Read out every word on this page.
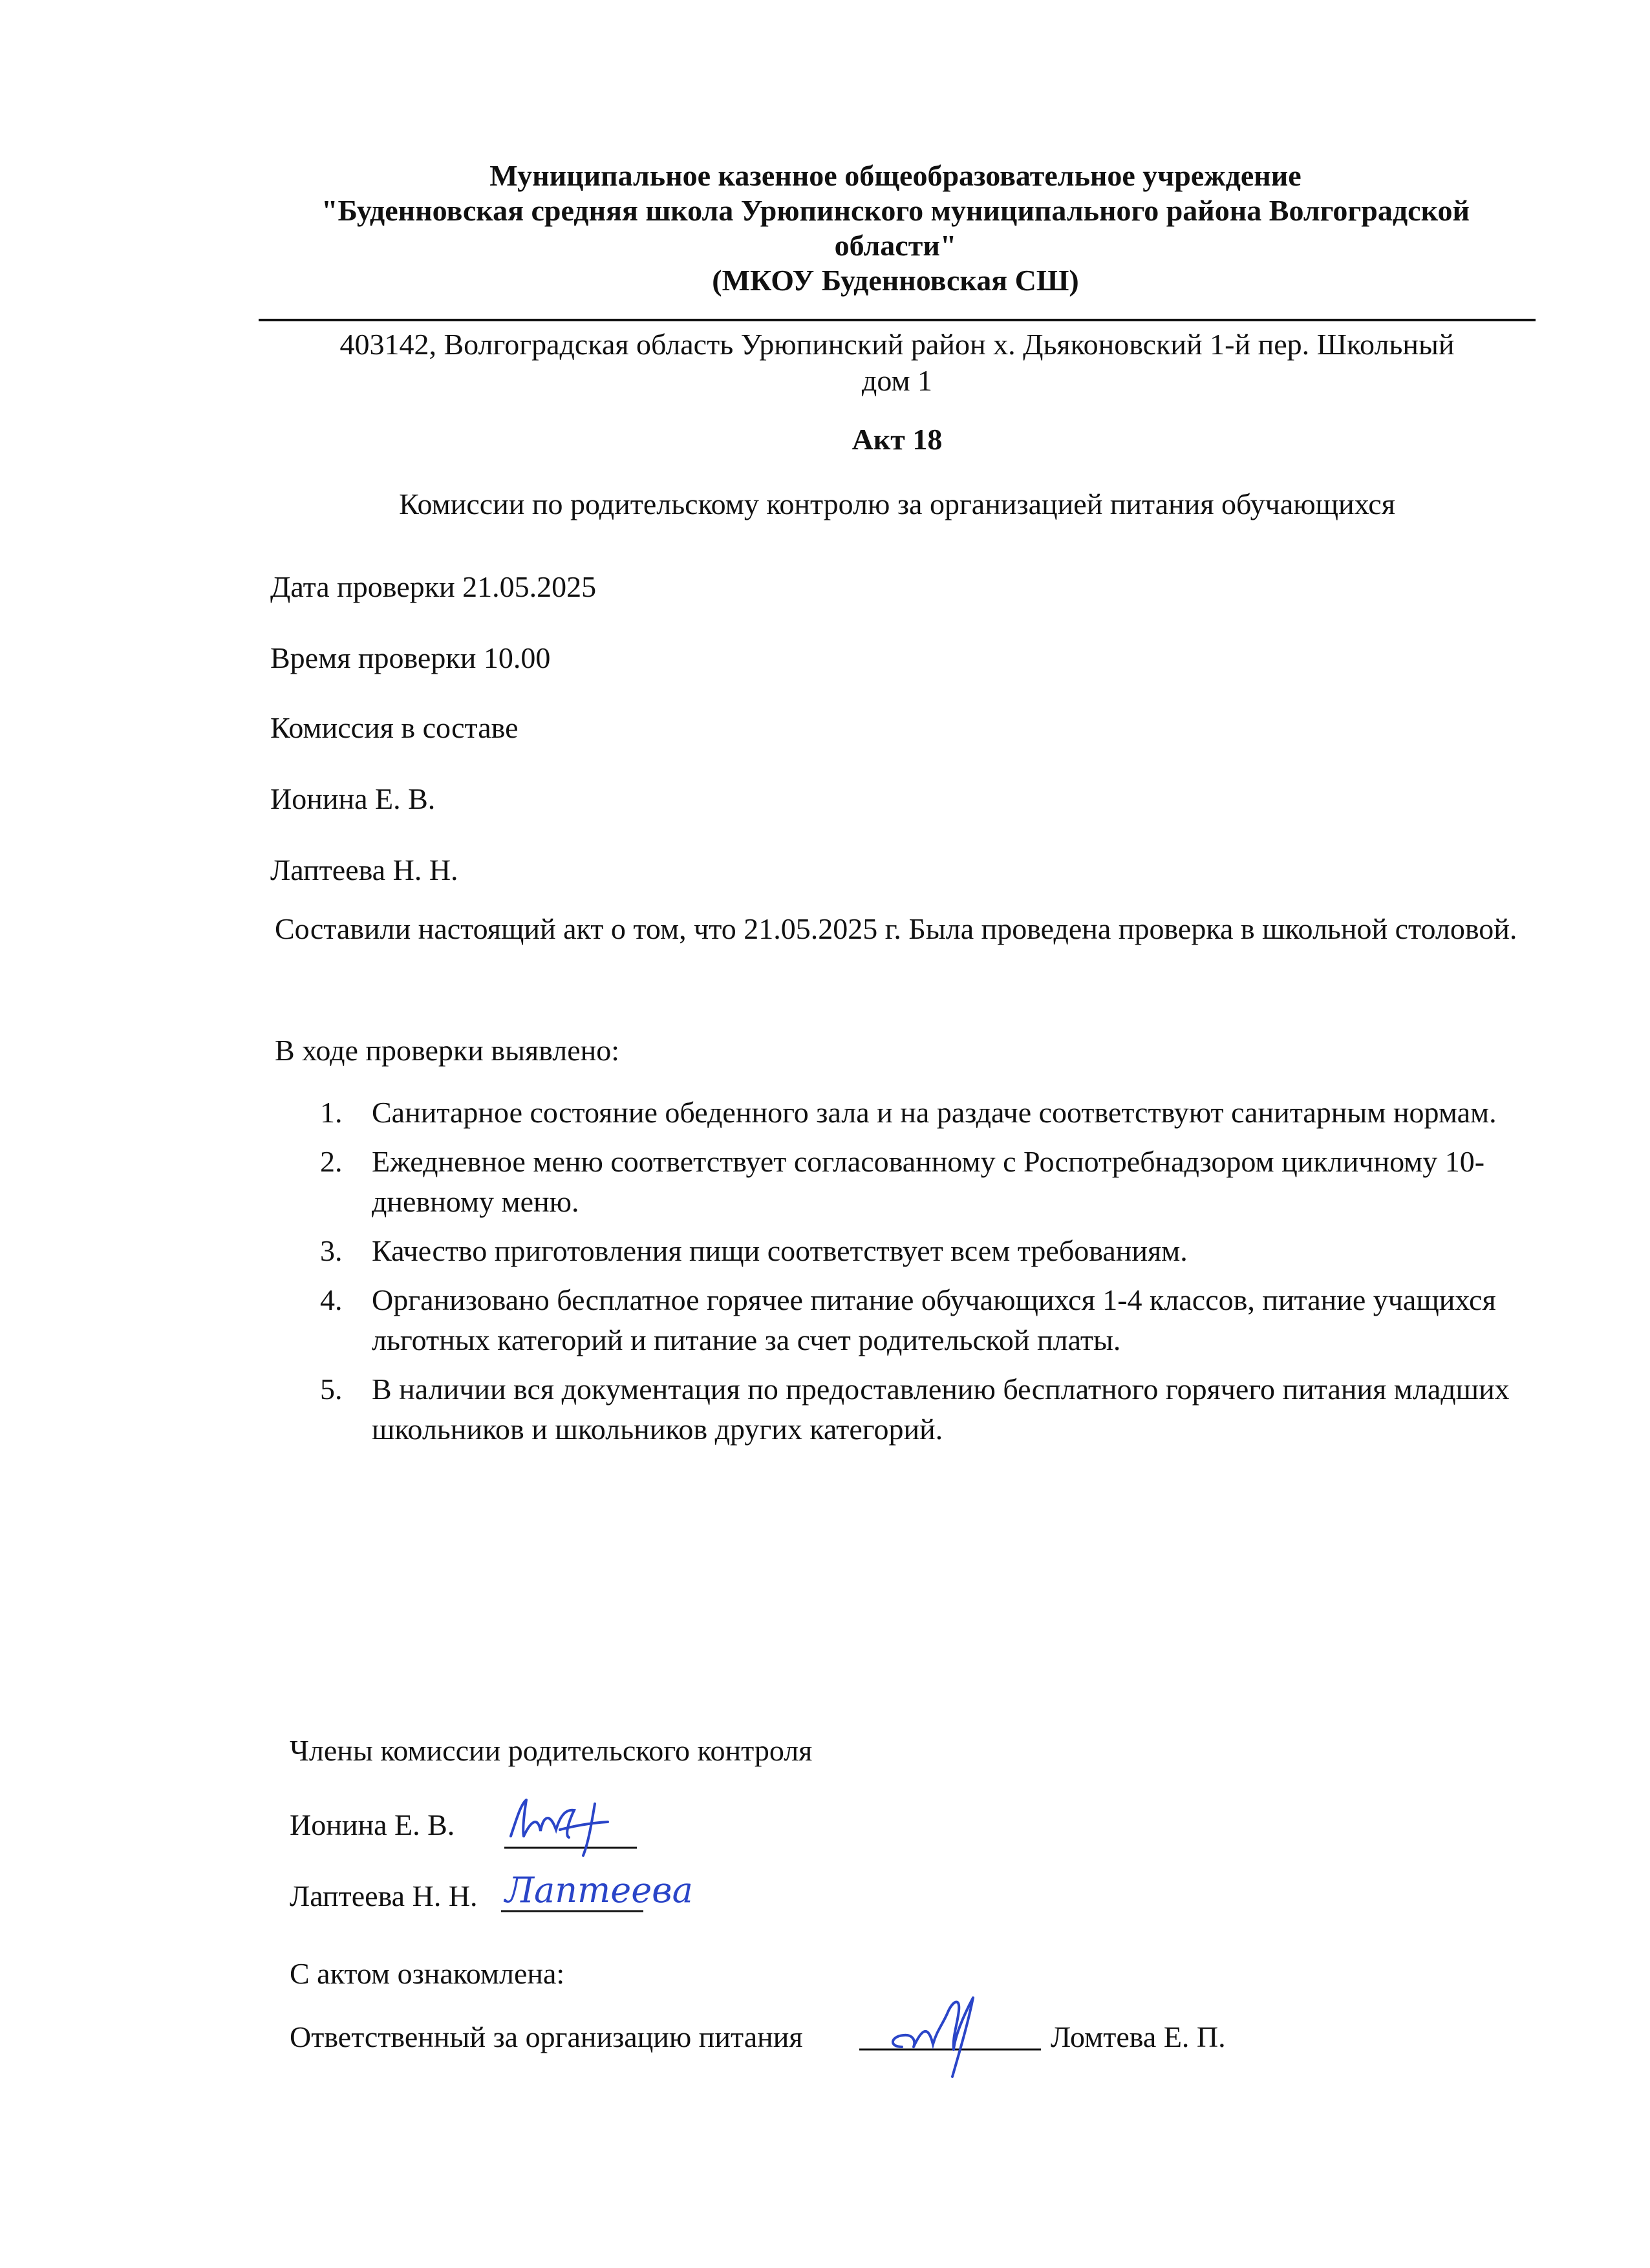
Муниципальное казенное общеобразовательное учреждение
"Буденновская средняя школа Урюпинского муниципального района Волгоградской
области"
(МКОУ Буденновская СШ)
403142, Волгоградская область Урюпинский район х. Дьяконовский 1-й пер. Школьный
дом 1
Акт 18
Комиссии по родительскому контролю за организацией питания обучающихся
Дата проверки 21.05.2025
Время проверки 10.00
Комиссия в составе
Ионина Е. В.
Лаптеева Н. Н.
Составили настоящий акт о том, что 21.05.2025 г. Была проведена проверка в школьной столовой.
В ходе проверки выявлено:
1. Санитарное состояние обеденного зала и на раздаче соответствуют санитарным нормам.
2. Ежедневное меню соответствует согласованному с Роспотребнадзором цикличному 10-дневному меню.
3. Качество приготовления пищи соответствует всем требованиям.
4. Организовано бесплатное горячее питание обучающихся 1-4 классов, питание учащихся льготных категорий и питание за счет родительской платы.
5. В наличии вся документация по предоставлению бесплатного горячего питания младших школьников и школьников других категорий.
Члены комиссии родительского контроля
Ионина Е. В.
Лаптеева Н. Н. Лаптеева
С актом ознакомлена:
Ответственный за организацию питания	Ломтева Е. П.
